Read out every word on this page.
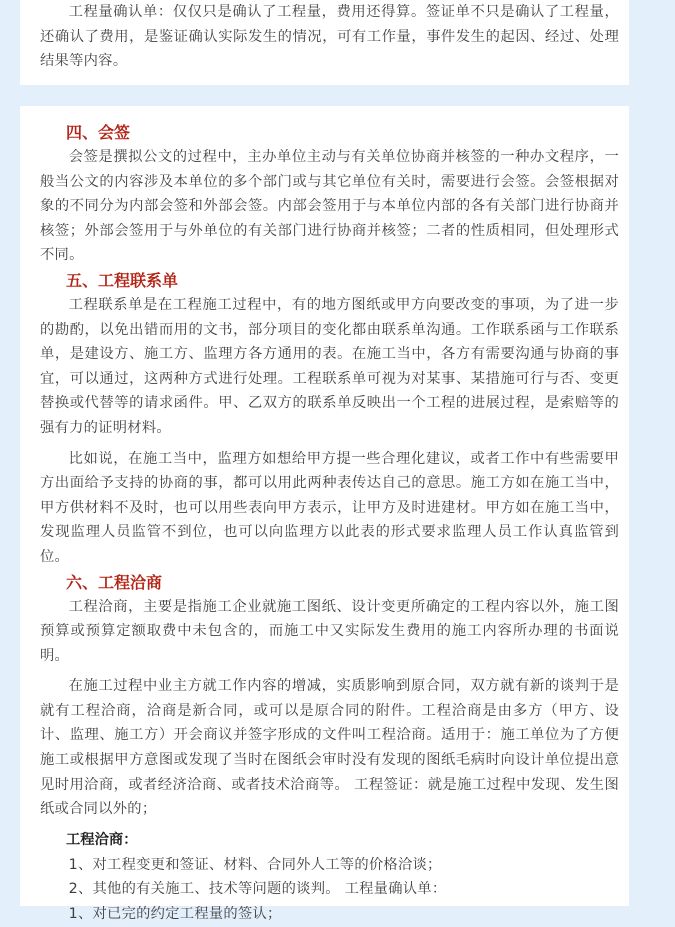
工程量确认单：仅仅只是确认了工程量，费用还得算。签证单不只是确认了工程量，还确认了费用，是鉴证确认实际发生的情况，可有工作量，事件发生的起因、经过、处理结果等内容。

四、会签

会签是撰拟公文的过程中，主办单位主动与有关单位协商并核签的一种办文程序，一般当公文的内容涉及本单位的多个部门或与其它单位有关时，需要进行会签。会签根据对象的不同分为内部会签和外部会签。内部会签用于与本单位内部的各有关部门进行协商并核签；外部会签用于与外单位的有关部门进行协商并核签；二者的性质相同，但处理形式不同。

五、工程联系单

工程联系单是在工程施工过程中，有的地方图纸或甲方向要改变的事项，为了进一步的勘酌，以免出错而用的文书，部分项目的变化都由联系单沟通。工作联系函与工作联系单，是建设方、施工方、监理方各方通用的表。在施工当中，各方有需要沟通与协商的事宜，可以通过，这两种方式进行处理。工程联系单可视为对某事、某措施可行与否、变更替换或代替等的请求函件。甲、乙双方的联系单反映出一个工程的进展过程，是索赔等的强有力的证明材料。

比如说，在施工当中，监理方如想给甲方提一些合理化建议，或者工作中有些需要甲方出面给予支持的协商的事，都可以用此两种表传达自己的意思。施工方如在施工当中，甲方供材料不及时，也可以用些表向甲方表示，让甲方及时进建材。甲方如在施工当中，发现监理人员监管不到位，也可以向监理方以此表的形式要求监理人员工作认真监管到位。

六、工程洽商

工程洽商，主要是指施工企业就施工图纸、设计变更所确定的工程内容以外，施工图预算或预算定额取费中未包含的，而施工中又实际发生费用的施工内容所办理的书面说明。

在施工过程中业主方就工作内容的增减，实质影响到原合同，双方就有新的谈判于是就有工程洽商，洽商是新合同，或可以是原合同的附件。工程洽商是由多方（甲方、设计、监理、施工方）开会商议并签字形成的文件叫工程洽商。适用于：施工单位为了方便施工或根据甲方意图或发现了当时在图纸会审时没有发现的图纸毛病时向设计单位提出意见时用洽商，或者经济洽商、或者技术洽商等。 工程签证：就是施工过程中发现、发生图纸或合同以外的；

工程洽商：

1、对工程变更和签证、材料、合同外人工等的价格洽谈；

2、其他的有关施工、技术等问题的谈判。 工程量确认单：

1、对已完的约定工程量的签认；
